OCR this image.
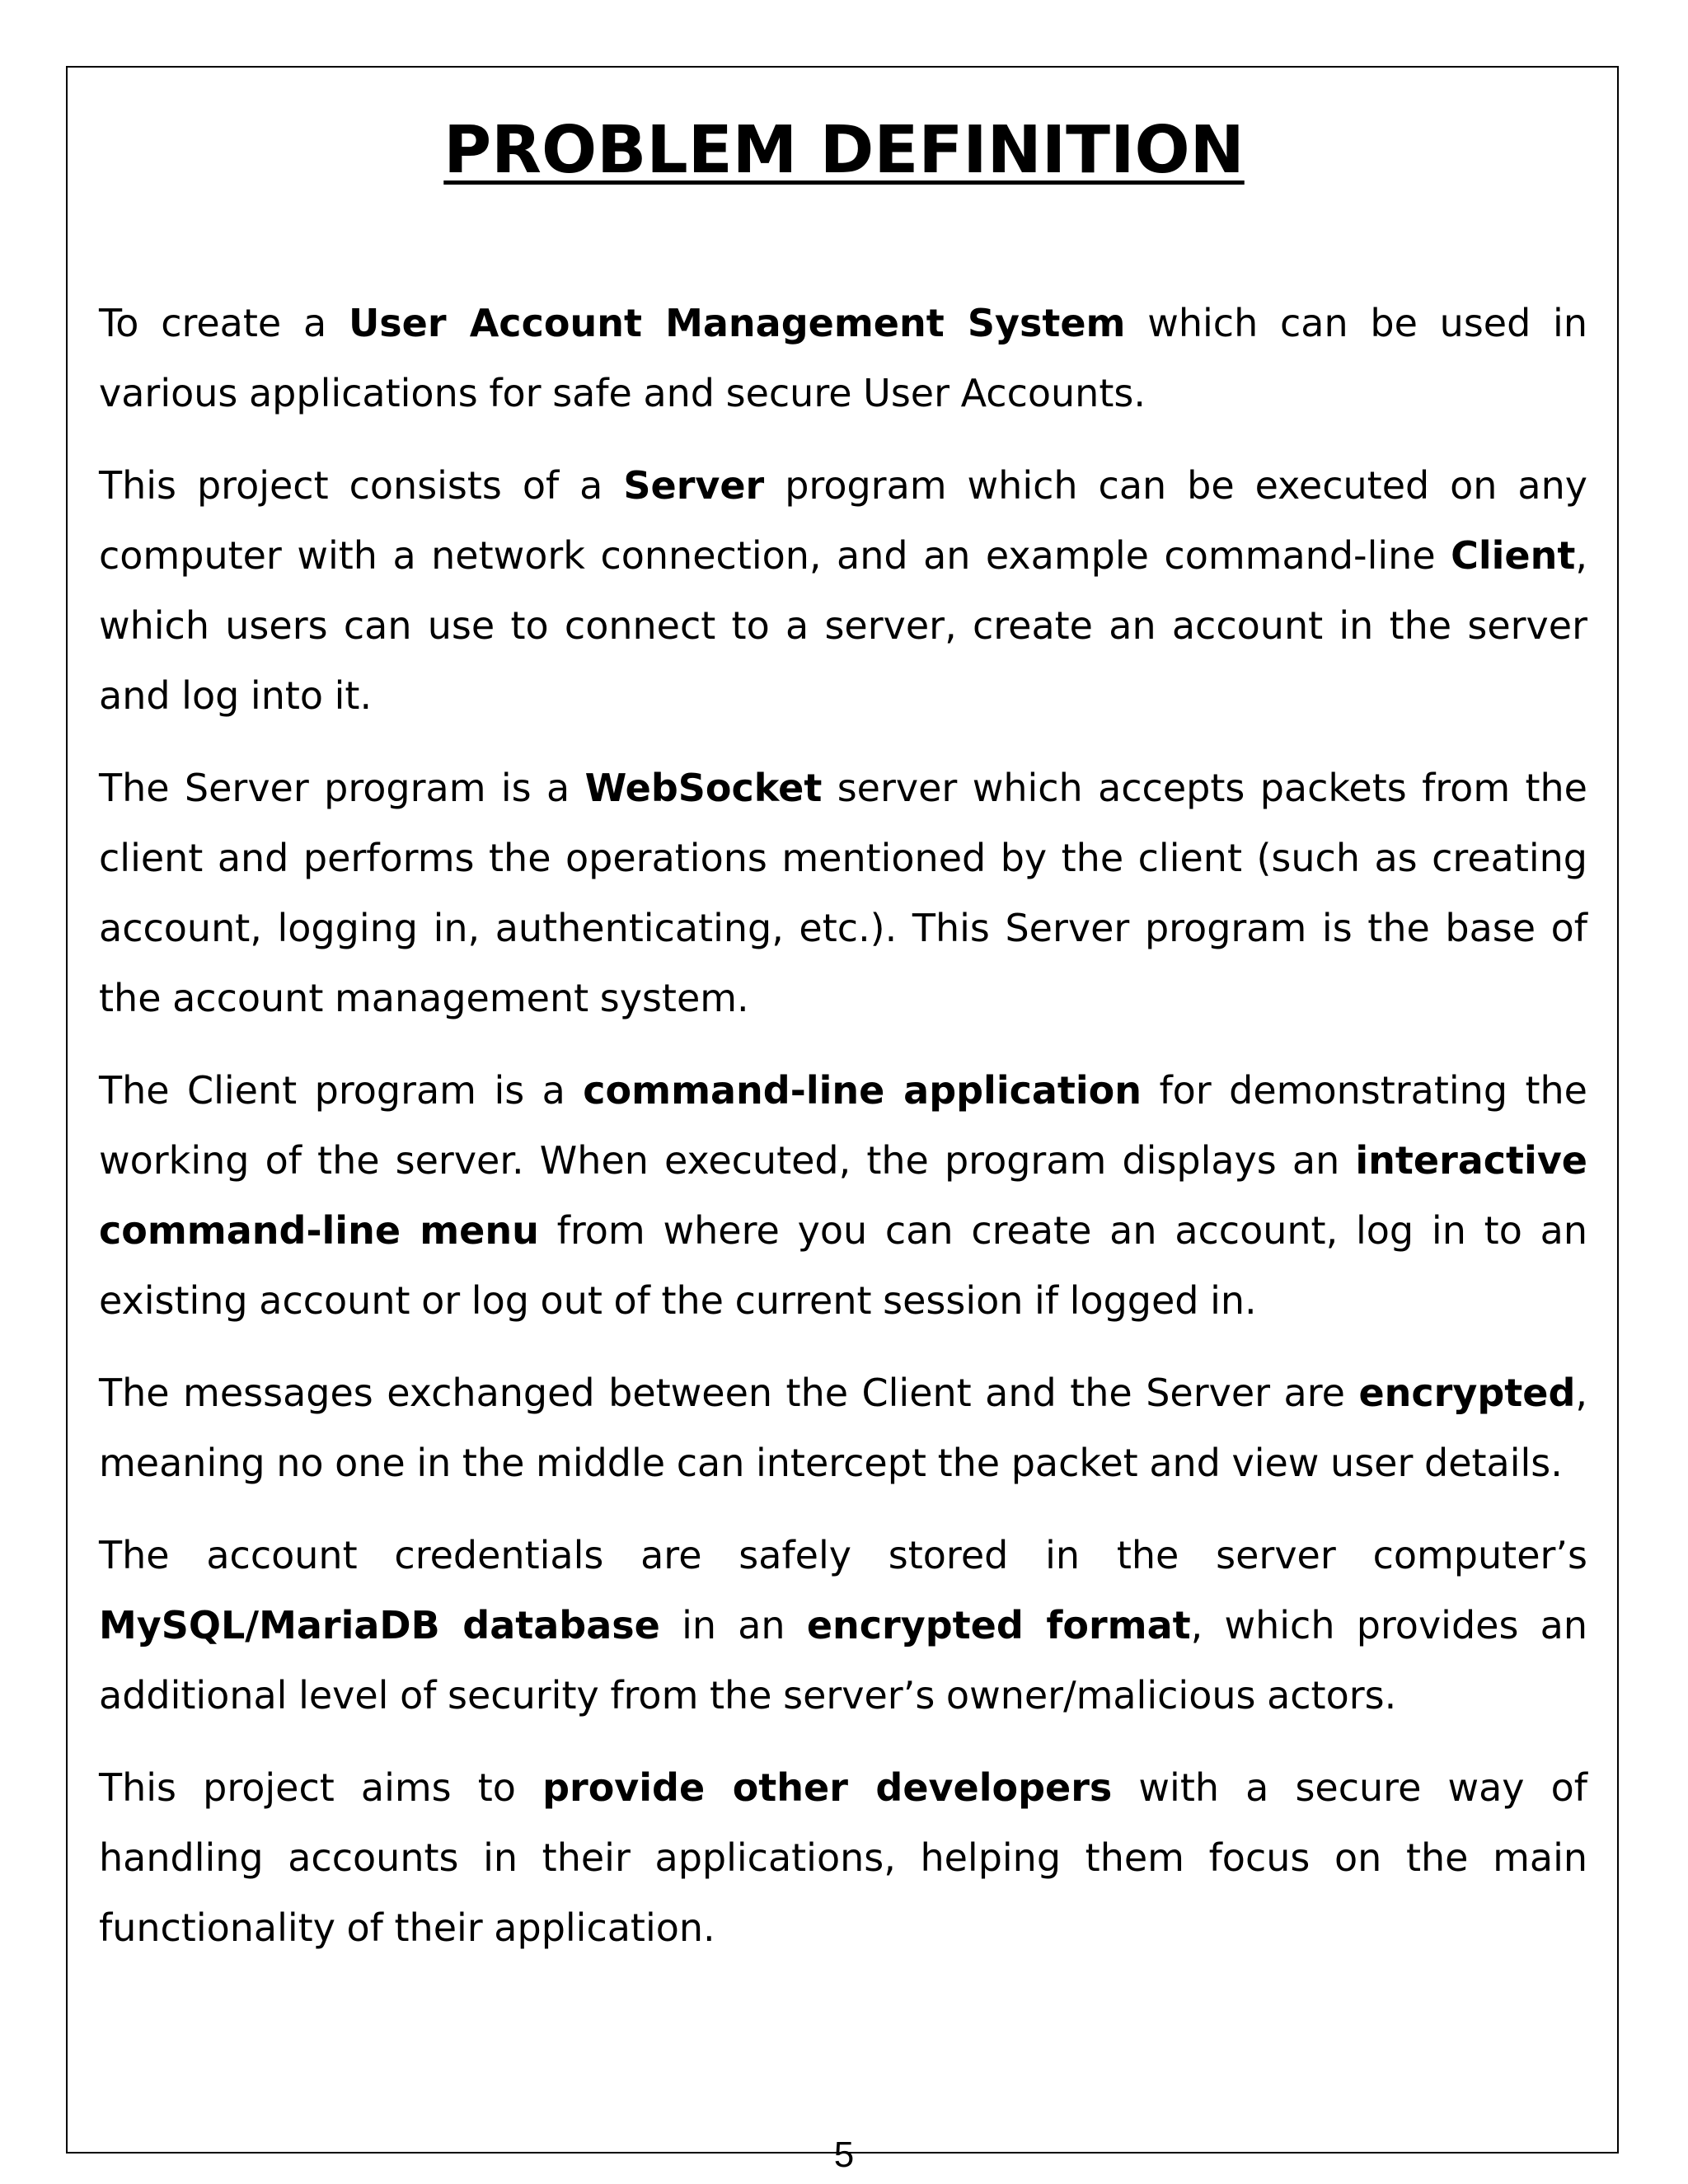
PROBLEM DEFINITION

To create a User Account Management System which can be used in various applications for safe and secure User Accounts.

This project consists of a Server program which can be executed on any computer with a network connection, and an example command-line Client, which users can use to connect to a server, create an account in the server and log into it.

The Server program is a WebSocket server which accepts packets from the client and performs the operations mentioned by the client (such as creating account, logging in, authenticating, etc.). This Server program is the base of the account management system.

The Client program is a command-line application for demonstrating the working of the server. When executed, the program displays an interactive command-line menu from where you can create an account, log in to an existing account or log out of the current session if logged in.

The messages exchanged between the Client and the Server are encrypted, meaning no one in the middle can intercept the packet and view user details.

The account credentials are safely stored in the server computer’s MySQL/MariaDB database in an encrypted format, which provides an additional level of security from the server’s owner/malicious actors.

This project aims to provide other developers with a secure way of handling accounts in their applications, helping them focus on the main functionality of their application.

5
